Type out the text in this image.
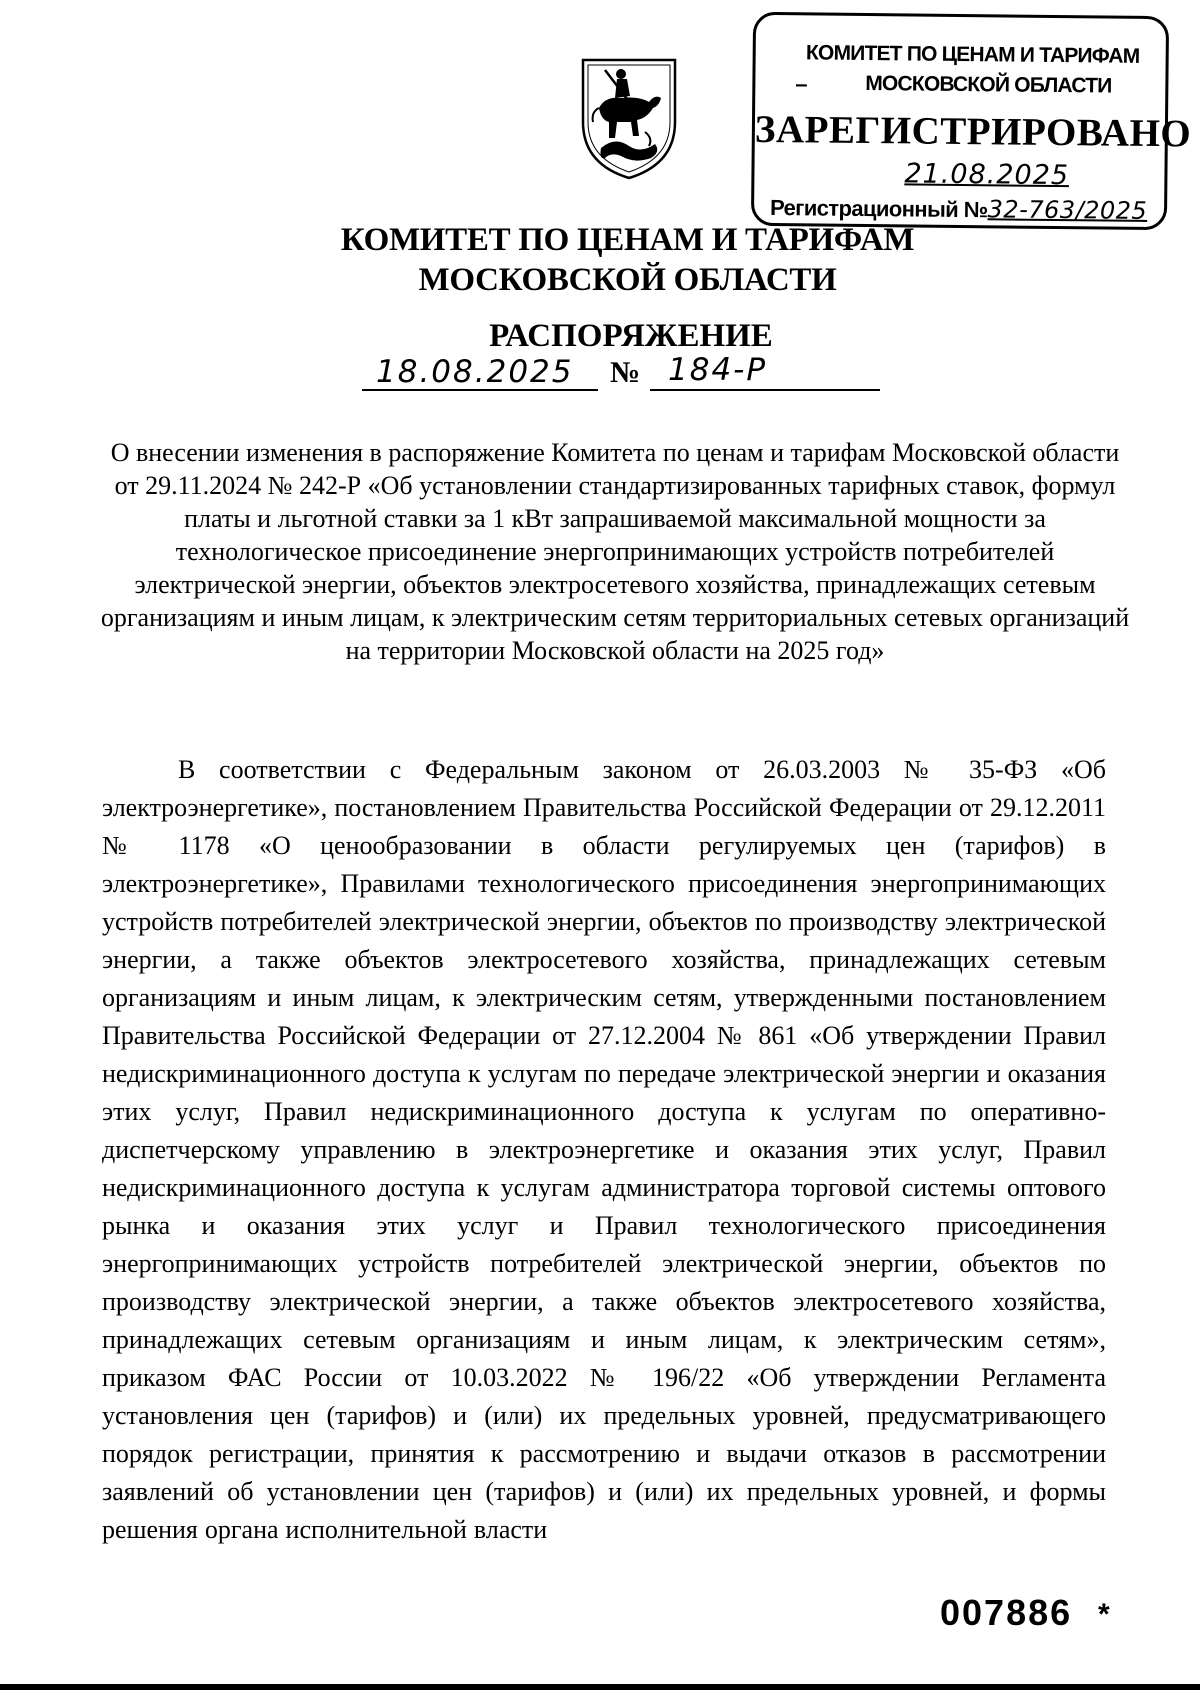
КОМИТЕТ ПО ЦЕНАМ И ТАРИФАМ
–	МОСКОВСКОЙ ОБЛАСТИ
ЗАРЕГИСТРИРОВАНО
21.08.2025
Регистрационный №32-763/2025
КОМИТЕТ ПО ЦЕНАМ И ТАРИФАМ
МОСКОВСКОЙ ОБЛАСТИ
РАСПОРЯЖЕНИЕ
18.08.2025 № 184-Р
О внесении изменения в распоряжение Комитета по ценам и тарифам Московской области от 29.11.2024 № 242-Р «Об установлении стандартизированных тарифных ставок, формул платы и льготной ставки за 1 кВт запрашиваемой максимальной мощности за технологическое присоединение энергопринимающих устройств потребителей электрической энергии, объектов электросетевого хозяйства, принадлежащих сетевым организациям и иным лицам, к электрическим сетям территориальных сетевых организаций на территории Московской области на 2025 год»
В соответствии с Федеральным законом от 26.03.2003 № 35-ФЗ «Об электроэнергетике», постановлением Правительства Российской Федерации от 29.12.2011 № 1178 «О ценообразовании в области регулируемых цен (тарифов) в электроэнергетике», Правилами технологического присоединения энергопринимающих устройств потребителей электрической энергии, объектов по производству электрической энергии, а также объектов электросетевого хозяйства, принадлежащих сетевым организациям и иным лицам, к электрическим сетям, утвержденными постановлением Правительства Российской Федерации от 27.12.2004 № 861 «Об утверждении Правил недискриминационного доступа к услугам по передаче электрической энергии и оказания этих услуг, Правил недискриминационного доступа к услугам по оперативно-диспетчерскому управлению в электроэнергетике и оказания этих услуг, Правил недискриминационного доступа к услугам администратора торговой системы оптового рынка и оказания этих услуг и Правил технологического присоединения энергопринимающих устройств потребителей электрической энергии, объектов по производству электрической энергии, а также объектов электросетевого хозяйства, принадлежащих сетевым организациям и иным лицам, к электрическим сетям», приказом ФАС России от 10.03.2022 № 196/22 «Об утверждении Регламента установления цен (тарифов) и (или) их предельных уровней, предусматривающего порядок регистрации, принятия к рассмотрению и выдачи отказов в рассмотрении заявлений об установлении цен (тарифов) и (или) их предельных уровней, и формы решения органа исполнительной власти
007886 *
